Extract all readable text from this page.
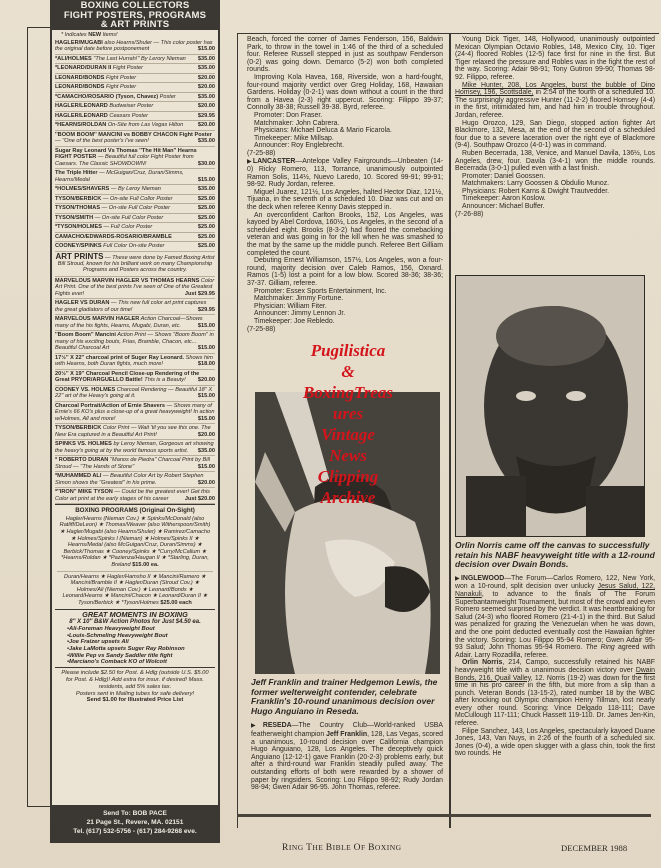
BOXING COLLECTORS
FIGHT POSTERS, PROGRAMS
& ART PRINTS
* Indicates NEW Items!
HAGLER/MUGABI also Hearns/Shuler — This color poster has the original date before postponement	$15.00
*ALI/HOLMES ''The Last Hurrah!'' By Lerory Nieman $35.00
*LEONARD/DURAN II Fight Poster	$35.00
LEONARD/BONDS Fight Poster	$20.00
LEONARD/BONDS Fight Poster	$20.00
*CAMACHO/ROSARIO (Tyson, Chavez) Poster	$35.00
HAGLER/LEONARD Budweiser Poster	$20.00
HAGLER/LEONARD Ceasars Poster	$29.95
*HEARNS/ROLDAN On-Site from Las Vegas Hilton	$20.00
''BOOM BOOM'' MANCINI vs BOBBY CHACON Fight Poster— ''One of the best poster's I've seen!	$35.00
Sugar Ray Leonard Vs Thomas ''The Hit Man'' Hearns FIGHT POSTER — Beautiful full color Fight Poster from Caesars. The Classic SHOWDOWN!	$30.00
The Triple Hitter — McGuigan/Cruz, Duran/Simms, Hearns/Medal	$15.00
*HOLMES/SHAVERS — By Leroy Nieman	$35.00
TYSON/BERBICK — On-site Full Collor Poster	$25.00
TYSON/THOMAS — On-site Full Color Poster	$25.00
TYSON/SMITH — On-site Full Color Poster	$25.00
*TYSON/HOLMES — Full Color Poster	$25.00
CAMACHO/EDWARDS-ROSARIO/BRAMBLE	$25.00
COONEY/SPINKS Full Color On-site Poster	$25.00
ART PRINTS — These were done by Famed Boxing Artist Bill Stroud, known for his brilliant work on many Championship Programs and Posters across the country.
MARVELOUS MARVIN HAGLER VS THOMAS HEARNS Color Art Print. One of the best prints I've seen of One of the Greatest Fights ever!	Just $29.95
HAGLER VS DURAN — This new full color art print captures the great gladiators of our time!	$29.95
MARVELOUS MARVIN HAGLER Action Charcoal—Shows many of the his fights, Hearns, Mugabi, Duran, etc.	$15.00
''Boom Boom'' Mancini Action Print — Shows ''Boom Boom'' in many of his exciting bouts, Frias, Bramble, Chacon, etc... Beautiful Charcoal Art	$15.00
17½'' X 22'' charcoal print of Suger Ray Leonard. Shows him with Hearns, both Duran fights, much more!	$18.00
20½'' X 19'' Charcoal Pencil Close-up Rendering of the Great PRYOR/ARGUELLO Battle! This is a Beauty! $20.00
COONEY VS. HOLMES Charcoal Rendering — Beautiful 18'' X 22'' art of the Heavy's going at it.	$15.00
Charcoal Portrait/Action of Ernie Shavers — Shows many of Ernie's 66 KO's plus a close-up of a great heavyweight! In action w/Holmes, All and more!	$15.00
TYSON/BERBICK Color Print — Wait 'til you see this one. The New Era captured in a Beautiful Art Print!	$20.00
SPINKS VS. HOLMES by Leroy Nieman, Gorgeous art showing the heavy's going at by the world famous sports artist. $35.00
* ROBERTO DURAN ''Manos de Piedra'' Charcoal Print by Bill Stroud — ''The Hands of Stone''	$15.00
*MUHAMMED ALI — Beautiful Color Art by Robert Stephen Simon shows the ''Greatest'' in his prime.	$20.00
*''IRON'' MIKE TYSON — Could be the greatest ever! Get this Color art print at the early stages of his career	Just $20.00
BOXING PROGRAMS (Original On-Sight)
Hagler/Hearns (Nieman Cov.) ★ Spinks/McDonald (also Ratliff/DeLeon) ★ Thomas/Weaver (also Witherspoon/Smith) ★ Hagler/Mugabi (also Hearns/Shuler) ★ Ramirez/Camacho ★ Holmes/Spinks I (Nieman) ★ Holmes/Spinks II ★ Hearns/Medal (also McGuigan/Cruz, Duran/Simms) ★ Berbick/Thomas ★ Cooney/Spinks ★ *Curry/McCallum ★ *Hearns/Roldan ★ *Pazienza/Haugan II ★ *Starling, Duran, Breland $15.00 ea.
Duran/Hearns ★ Hagler/Hamsho II ★ Mancini/Ramero ★ Mancini/Bramble II ★ Hagler/Duran (Stroud Cov.) ★ Holmes/Ali (Nieman Cov.) ★ Leonard/Bonds ★ Leonard/Hearns ★ Mancini/Chacon ★ Leonard/Duran II ★ Tyson/Berbick ★ *Tyson/Holmes $25.00 each
GREAT MOMENTS IN BOXING
8'' X 10'' B&W Action Photos for Just $4.50 ea.
• Ali-Foreman Heavyweight Bout
• Louis-Schmeling Heavyweight Bout
• Joe Fraizer upsets Ali
• Jake LaMotta upsets Suger Ray Robinson
• Willie Pep vs Sandy Saddler title fight
• Marciano's Comback KO of Wolcott
Please include $2.50 for Post. & Hdlg (outside U.S. $5.00 for Post. & Hdlg)! Add extra for insur. if desired! Mass. residents, add 5% sales tax.
Posters sent in Mailing tubes for safe delivery!
Send $1.00 for Illustrated Price List
Send To: BOB PACE
21 Page St., Revere, MA. 02151
Tel. (617) 532-5756 - (617) 284-9268 eve.

Beach, forced the corner of James Fenderson, 156, Baldwin Park, to throw in the towel in 1:46 of the third of a scheduled four. Referee Russell stepped in just as southpaw Fenderson (0-2) was going down. Demarco (5-2) won both completed rounds.

Improving Kola Havea, 168, Riverside, won a hard-fought, four-round majority verdict over Greg Holiday, 168, Hawaiian Gardens. Holiday (0-2-1) was down without a count in the third from a Havea (2-3) right uppercut. Scoring: Filippo 39-37; Connolly 38-38; Russell 39-38. Byrd, referee.

Promoter: Don Fraser.
Matchmaker: John Cabrera.
Physicians: Michael Deluca & Mario Ficarola.
Timekeeper: Mike Millsap.
Announcer: Roy Englebrecht.
(7-25-88)

▶LANCASTER—Antelope Valley Fairgrounds—Unbeaten (14-0) Ricky Romero, 113, Torrance, unanimously outpointed Ramon Solis, 114½, Nuevo Laredo, 10. Scored 99-91; 99-91; 98-92. Rudy Jordan, referee.

Miguel Juarez, 121½, Los Angeles, halted Hector Diaz, 121½, Tijuana, in the seventh of a scheduled 10. Diaz was cut and on the deck when referee Kenny Davis stepped in.

An overconfident Carlton Brooks, 152, Los Angeles, was kayoed by Abel Cordova, 160½, Los Angeles, in the second of a scheduled eight. Brooks (8-3-2) had floored the comebacking veteran and was going in for the kill when he was smashed to the mat by the same up the middle punch. Referee Bert Gilliam completed the count.

Debuting Ernest Williamson, 157½, Los Angeles, won a four-round, majority decision over Caleb Ramos, 156, Oxnard. Ramos (1-5) lost a point for a low blow. Scored 38-36; 38-36; 37-37. Gilliam, referee.

Promoter: Essex Sports Entertainment, Inc.
Matchmaker: Jimmy Fortune.
Physician: William Fiter.
Announcer: Jimmy Lennon Jr.
Timekeeper: Joe Rebledo.
(7-25-88)
Jeff Franklin and trainer Hedgemon Lewis, the former welterweight contender, celebrate Franklin's 10-round unanimous decision over Hugo Anguiano in Reseda.

▶RESEDA—The Country Club—World-ranked USBA featherweight champion Jeff Franklin, 128, Las Vegas, scored a unanimous, 10-round decision over California champion Hugo Anguiano, 128, Los Angeles. The deceptively quick Anguiano (12-12-1) gave Franklin (20-2-3) problems early, but after a third-round war Franklin steadily pulled away. The outstanding efforts of both were rewarded by a shower of paper by ringsiders. Scoring: Lou Filippo 98-92; Rudy Jordan 98-94; Gwen Adair 96-95. John Thomas, referee.

Young Dick Tiger, 148, Hollywood, unanimously outpointed Mexican Olympian Octavio Robles, 148, Mexico City, 10. Tiger (24-4) floored Robles (12-5) face first for nine in the first. But Tiger relaxed the pressure and Robles was in the fight the rest of the way. Scoring: Adair 98-91; Tony Gutiron 99-90; Thomas 98-92. Filippo, referee.

Mike Hunter, 208, Los Angeles, burst the bubble of Dino Homsey, 196, Scottsdale, in 2:54 of the fourth of a scheduled 10. The surprisingly aggressive Hunter (11-2-2) floored Homsey (4-4) in the first, intimidated him, and had him in trouble throughout. Jordan, referee.

Hugo Orozco, 129, San Diego, stopped action fighter Art Blackmore, 132, Mesa, at the end of the second of a scheduled four due to a severe laceration over the right eye of Blackmore (9-4). Southpaw Orozco (4-0-1) was in command.

Ruben Becerrada, 138, Venice, and Manuel Davila, 136½, Los Angeles, drew, four. Davila (3-4-1) won the middle rounds. Becerrada (3-0-1) pulled even with a fast finish.

Promoter: Daniel Goossen.
Matchmakers: Larry Goossen & Obdulio Munoz.
Physicians: Robert Karns & Dwight Trautvedder.
Timekeeper: Aaron Koslow.
Announcer: Michael Buffer.
(7-26-88)
Orlin Norris came off the canvas to successfully retain his NABF heavyweight title with a 12-round decision over Dwain Bonds.

▶INGLEWOOD—The Forum—Carlos Romero, 122, New York, won a 10-round, split decision over unlucky Jesus Salud, 122, Nanakuli, to advance to the finals of The Forum Superbantamweight Tournament, but most of the crowd and even Romero seemed surprised by the verdict. It was heartbreaking for Salud (24-3) who floored Romero (21-4-1) in the third. But Salud was penalized for grazing the Venezuelan when he was down, and the one point deducted eventually cost the Hawaiian fighter the victory. Scoring: Lou Filippo 95-94 Romero; Gwen Adair 95-93 Salud; John Thomas 95-94 Romero. The Ring agreed with Adair. Larry Rozadilla, referee.

Orlin Norris, 214, Campo, successfully retained his NABF heavyweight title with a unanimous decision victory over Dwain Bonds, 216, Quail Valley, 12. Norris (19-2) was down for the first time in his pro career in the fifth, but more from a slip than a punch. Veteran Bonds (13-15-2), rated number 18 by the WBC after knocking out Olympic champion Henry Tillman, lost nearly every other round. Scoring: Vince Delgado 118-111; Dave McCullough 117-111; Chuck Hassett 119-110. Dr. James Jen-Kin, referee.

Filipe Sanchez, 143, Los Angeles, spectacularly kayoed Duane Jones, 143, Van Nuys, in 2:26 of the fourth of a scheduled six. Jones (0-4), a wide open slugger with a glass chin, took the first two rounds. He

Pugilistica
&
BoxingTreas
ures
Vintage
News
Clipping
Archive
RING THE BIBLE OF BOXING	DECEMBER 1988
